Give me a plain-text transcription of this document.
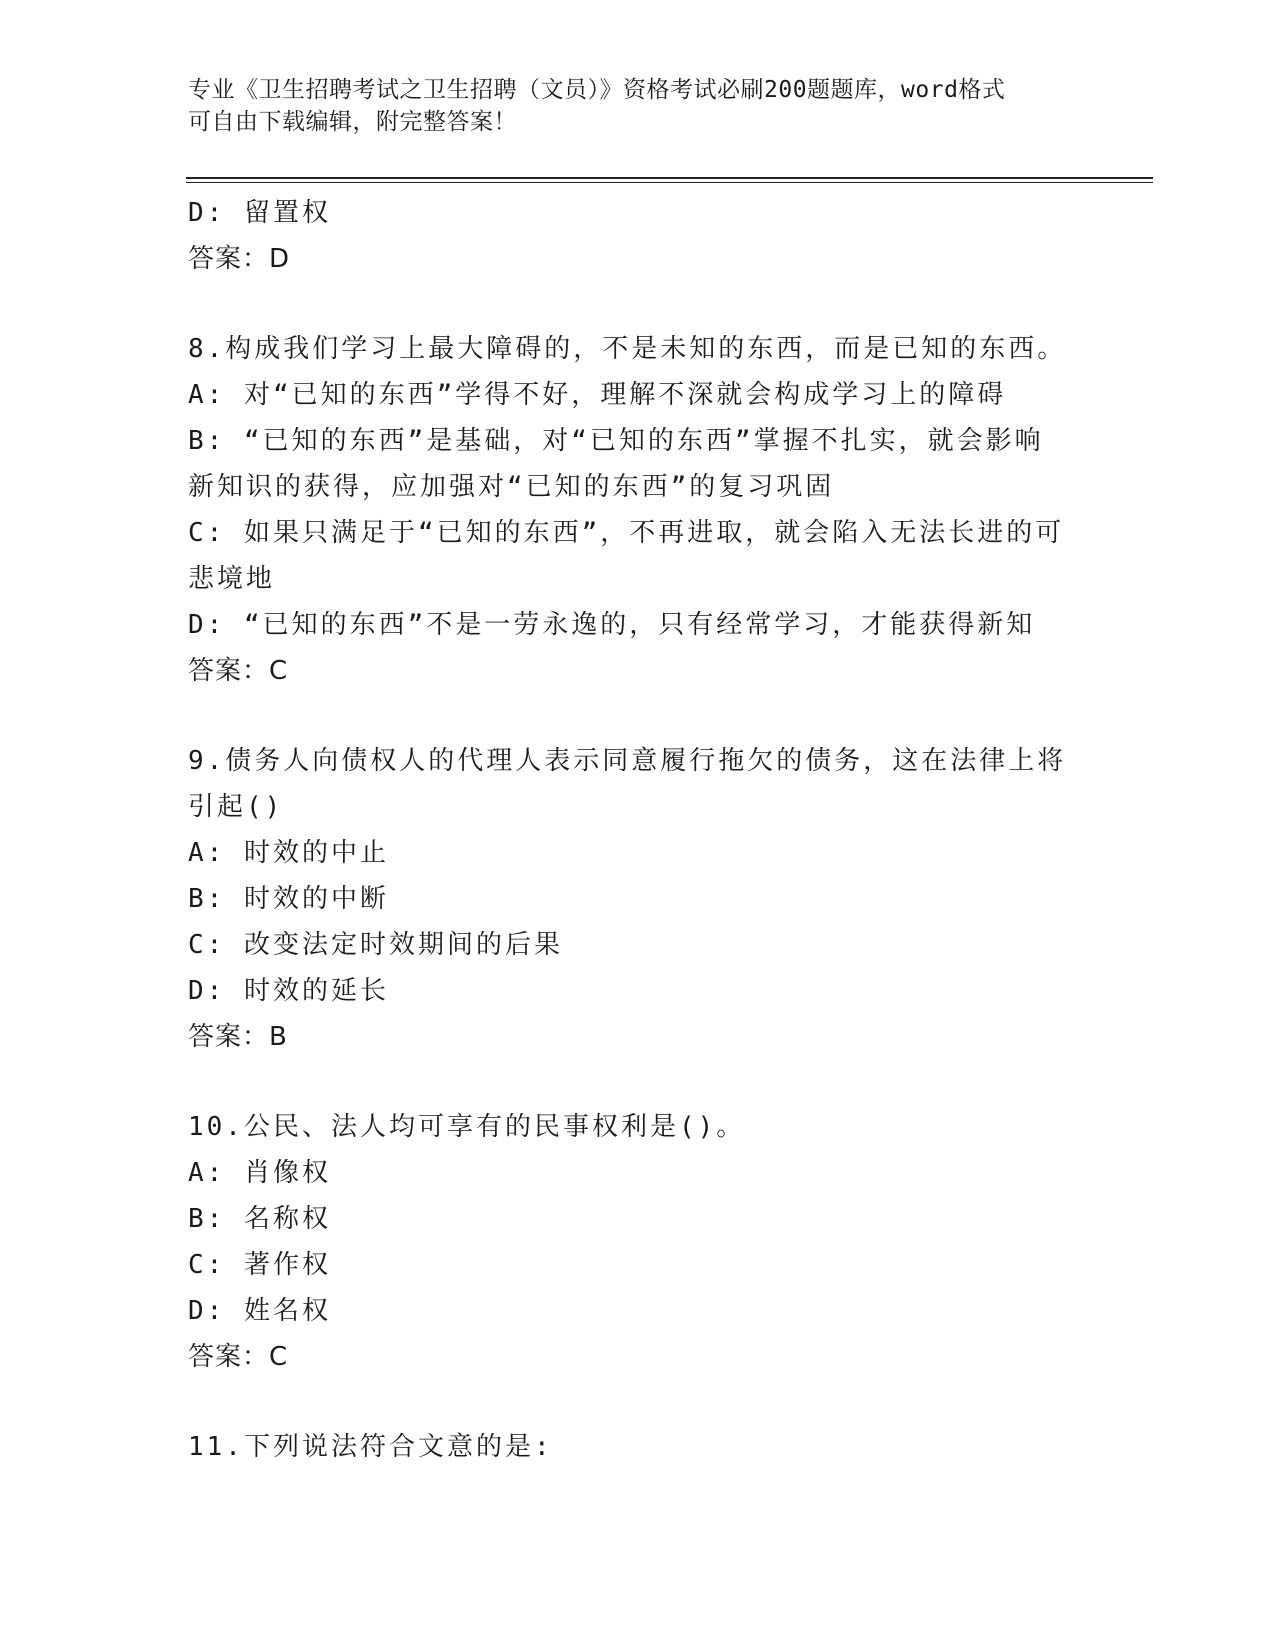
专业《卫生招聘考试之卫生招聘（文员）》资格考试必刷200题题库，word格式
可自由下载编辑，附完整答案！
D: 留置权
答案：D
8.构成我们学习上最大障碍的，不是未知的东西，而是已知的东西。
A: 对“已知的东西”学得不好，理解不深就会构成学习上的障碍
B: “已知的东西”是基础，对“已知的东西”掌握不扎实，就会影响
新知识的获得，应加强对“已知的东西”的复习巩固
C: 如果只满足于“已知的东西”，不再进取，就会陷入无法长进的可
悲境地
D: “已知的东西”不是一劳永逸的，只有经常学习，才能获得新知
答案：C
9.债务人向债权人的代理人表示同意履行拖欠的债务，这在法律上将
引起()
A: 时效的中止
B: 时效的中断
C: 改变法定时效期间的后果
D: 时效的延长
答案：B
10.公民、法人均可享有的民事权利是()。
A: 肖像权
B: 名称权
C: 著作权
D: 姓名权
答案：C
11.下列说法符合文意的是:
